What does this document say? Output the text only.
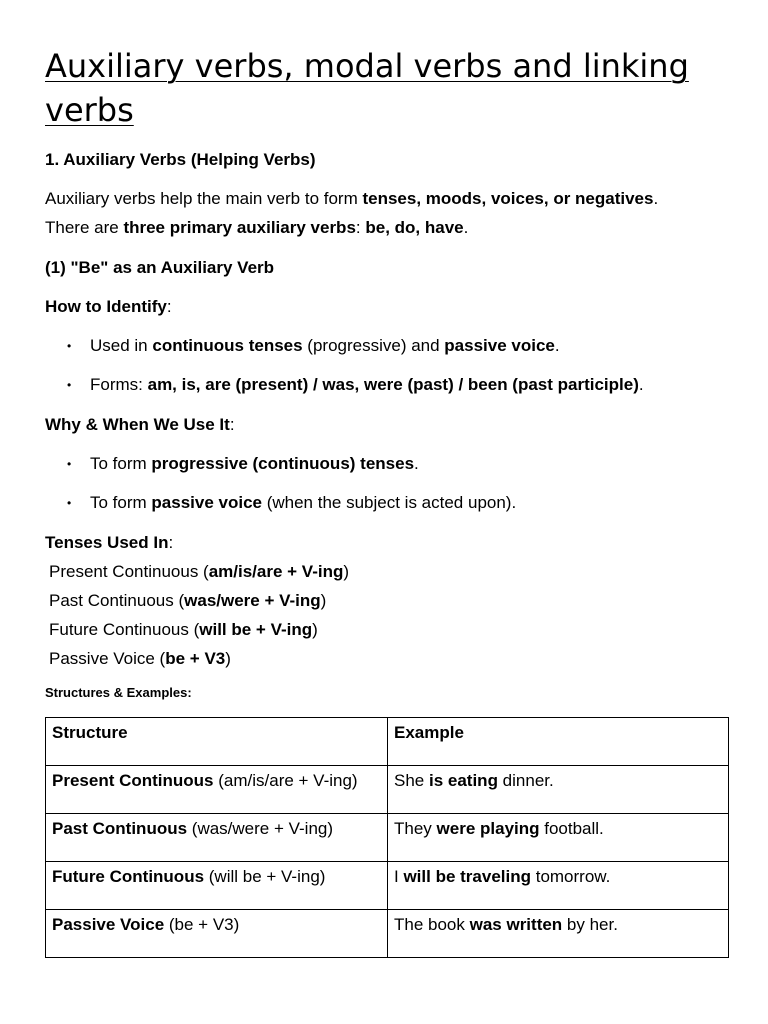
Auxiliary verbs, modal verbs and linking verbs
1. Auxiliary Verbs (Helping Verbs)
Auxiliary verbs help the main verb to form tenses, moods, voices, or negatives.
There are three primary auxiliary verbs: be, do, have.
(1) "Be" as an Auxiliary Verb
How to Identify:
• Used in continuous tenses (progressive) and passive voice.
• Forms: am, is, are (present) / was, were (past) / been (past participle).
Why & When We Use It:
• To form progressive (continuous) tenses.
• To form passive voice (when the subject is acted upon).
Tenses Used In:
Present Continuous (am/is/are + V-ing)
Past Continuous (was/were + V-ing)
Future Continuous (will be + V-ing)
Passive Voice (be + V3)
Structures & Examples:
Structure	Example
Present Continuous (am/is/are + V-ing)	She is eating dinner.
Past Continuous (was/were + V-ing)	They were playing football.
Future Continuous (will be + V-ing)	I will be traveling tomorrow.
Passive Voice (be + V3)	The book was written by her.
